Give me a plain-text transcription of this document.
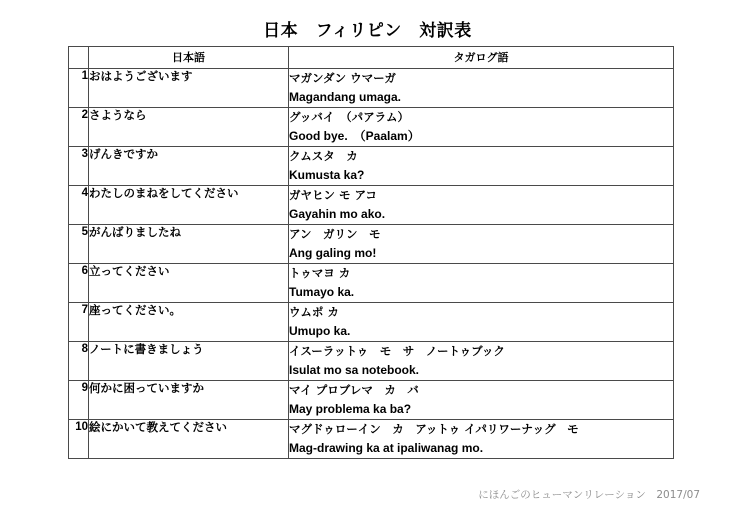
日本　フィリピン　対訳表
	日本語	タガログ語
1	おはようございます	マガンダン ウマーガ
Magandang umaga.

2	さようなら	グッバイ　（パアラム）
Good bye.　（Paalam）

3	げんきですか	クムスタ　カ
Kumusta ka?

4	わたしのまねをしてください	ガヤヒン モ アコ
Gayahin mo ako.

5	がんばりましたね	アン　ガリン　モ
Ang galing mo!

6	立ってください	トゥマヨ カ
Tumayo ka.

7	座ってください。	ウムポ カ
Umupo ka.

8	ノートに書きましょう	イスーラットゥ　モ　サ　ノートゥブック
Isulat mo sa notebook.

9	何かに困っていますか	マイ プロブレマ　カ　バ
May problema ka ba?

10	絵にかいて教えてください	マグドゥローイン　カ　アットゥ イパリワーナッグ　モ
Mag-drawing ka at ipaliwanag mo.
にほんごのヒューマンリレーション　2017/07
